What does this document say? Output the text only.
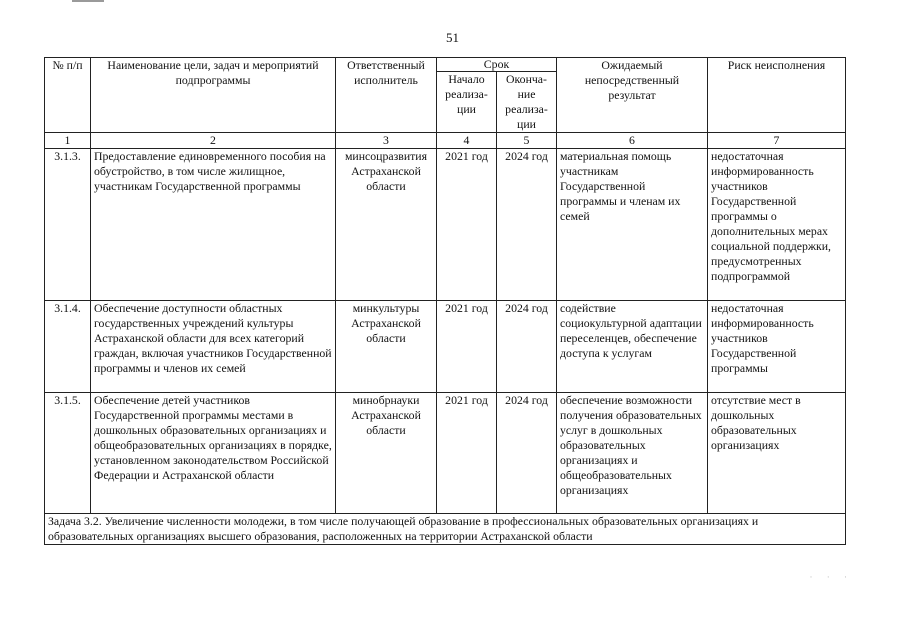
51
№ п/п	Наименование цели, задач и мероприятий подпрограммы	Ответственный исполнитель	Срок		Ожидаемый непосредственный результат	Риск неисполнения
			Начало реализа-ции	Оконча-ние реализа-ции		
1	2	3	4	5	6	7
3.1.3.	Предоставление единовременного пособия на обустройство, в том числе жилищное, участникам Государственной программы	минсоцразвития Астраханской области	2021 год	2024 год	материальная помощь участникам Государственной программы и членам их семей	недостаточная информированность участников Государственной программы о дополнительных мерах социальной поддержки, предусмотренных подпрограммой
3.1.4.	Обеспечение доступности областных государственных учреждений культуры Астраханской области для всех категорий граждан, включая участников Государственной программы и членов их семей	минкультуры Астраханской области	2021 год	2024 год	содействие социокультурной адаптации переселенцев, обеспечение доступа к услугам	недостаточная информированность участников Государственной программы
3.1.5.	Обеспечение детей участников Государственной программы местами в дошкольных образовательных организациях и общеобразовательных организациях в порядке, установленном законодательством Российской Федерации и Астраханской области	минобрнауки Астраханской области	2021 год	2024 год	обеспечение возможности получения образовательных услуг в дошкольных образовательных организациях и общеобразовательных организациях	отсутствие мест в дошкольных образовательных организациях
Задача 3.2. Увеличение численности молодежи, в том числе получающей образование в профессиональных образовательных организациях и образовательных организациях высшего образования, расположенных на территории Астраханской области						
· · ·
